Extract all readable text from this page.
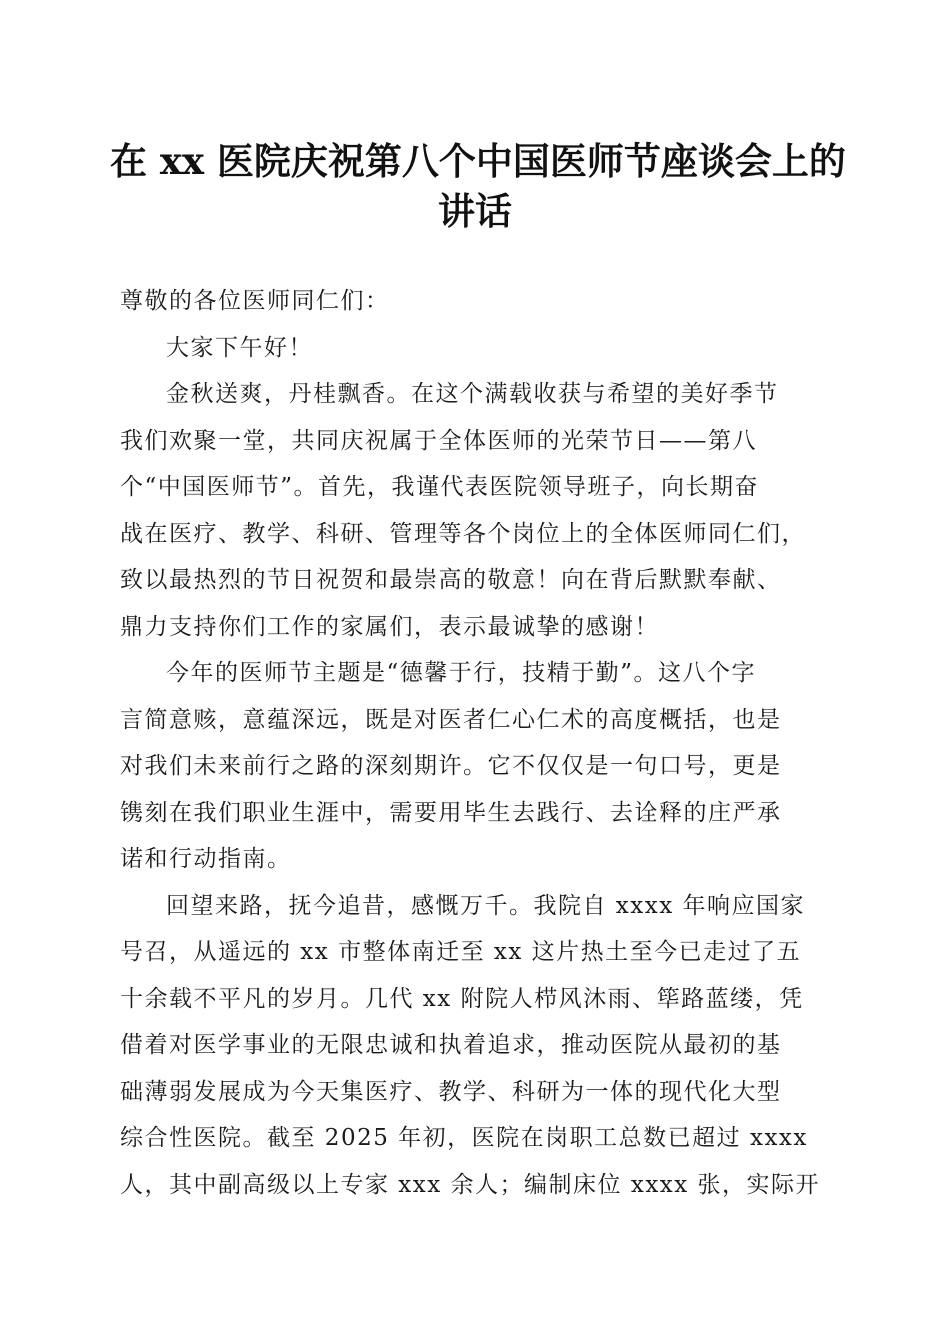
在 xx 医院庆祝第八个中国医师节座谈会上的
讲话

尊敬的各位医师同仁们：

大家下午好！

金秋送爽，丹桂飘香。在这个满载收获与希望的美好季节
我们欢聚一堂，共同庆祝属于全体医师的光荣节日——第八
个“中国医师节”。首先，我谨代表医院领导班子，向长期奋
战在医疗、教学、科研、管理等各个岗位上的全体医师同仁们，
致以最热烈的节日祝贺和最崇高的敬意！向在背后默默奉献、
鼎力支持你们工作的家属们，表示最诚挚的感谢！

今年的医师节主题是“德馨于行，技精于勤”。这八个字
言简意赅，意蕴深远，既是对医者仁心仁术的高度概括，也是
对我们未来前行之路的深刻期许。它不仅仅是一句口号，更是
镌刻在我们职业生涯中，需要用毕生去践行、去诠释的庄严承
诺和行动指南。

回望来路，抚今追昔，感慨万千。我院自 xxxx 年响应国家
号召，从遥远的 xx 市整体南迁至 xx 这片热土至今已走过了五
十余载不平凡的岁月。几代 xx 附院人栉风沐雨、筚路蓝缕，凭
借着对医学事业的无限忠诚和执着追求，推动医院从最初的基
础薄弱发展成为今天集医疗、教学、科研为一体的现代化大型
综合性医院。截至 2025 年初，医院在岗职工总数已超过 xxxx
人，其中副高级以上专家 xxx 余人；编制床位 xxxx 张，实际开
